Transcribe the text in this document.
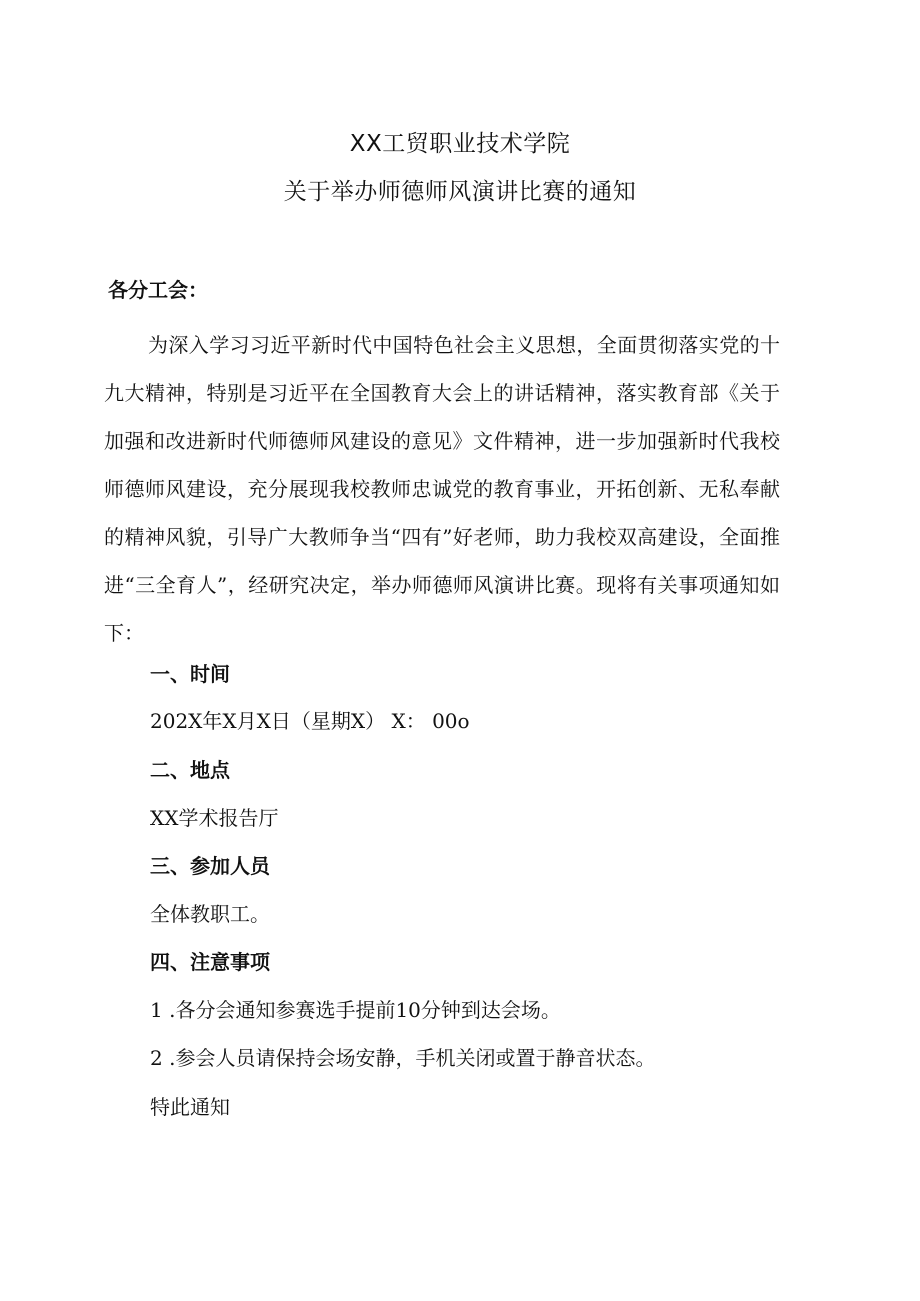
XX工贸职业技术学院
关于举办师德师风演讲比赛的通知
各分工会：

为深入学习习近平新时代中国特色社会主义思想，全面贯彻落实党的十九大精神，特别是习近平在全国教育大会上的讲话精神，落实教育部《关于加强和改进新时代师德师风建设的意见》文件精神，进一步加强新时代我校师德师风建设，充分展现我校教师忠诚党的教育事业，开拓创新、无私奉献的精神风貌，引导广大教师争当“四有”好老师，助力我校双高建设，全面推进“三全育人”，经研究决定，举办师德师风演讲比赛。现将有关事项通知如下：

一、时间
202X年X月X日（星期X） X： 00o
二、地点
XX学术报告厅
三、参加人员
全体教职工。
四、注意事项
1 .各分会通知参赛选手提前10分钟到达会场。
2 .参会人员请保持会场安静，手机关闭或置于静音状态。
特此通知
